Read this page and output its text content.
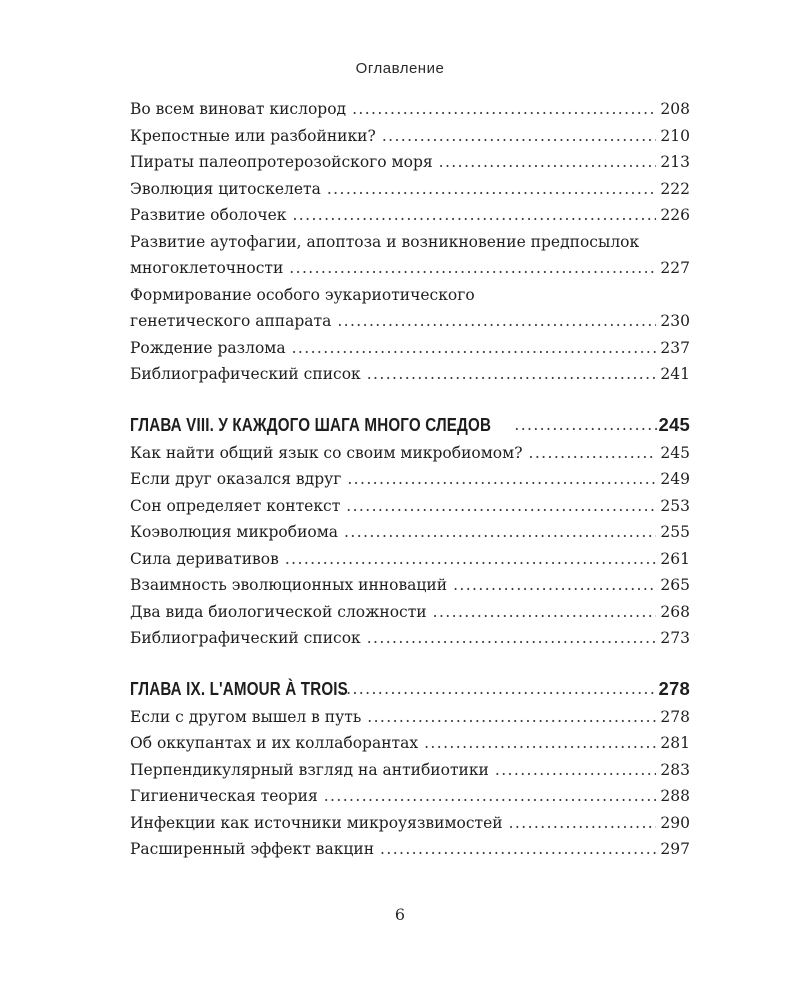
Оглавление
Во всем виноват кислород .....	208
Крепостные или разбойники? .....	210
Пираты палеопротерозойского моря .....	213
Эволюция цитоскелета .....	222
Развитие оболочек .....	226
Развитие аутофагии, апоптоза и возникновение предпосылок
многоклеточности .....	227
Формирование особого эукариотического
генетического аппарата .....	230
Рождение разлома .....	237
Библиографический список .....	241
ГЛАВА VIII. У КАЖДОГО ШАГА МНОГО СЛЕДОВ .....	245
Как найти общий язык со своим микробиомом? .....	245
Если друг оказался вдруг .....	249
Сон определяет контекст .....	253
Коэволюция микробиома .....	255
Сила дериватив​ов .....	261
Взаимность эволюционных инноваций .....	265
Два вида биологической сложности .....	268
Библиографический список .....	273
ГЛАВА IX. L'AMOUR À TROIS .....	278
Если с другом вышел в путь .....	278
Об оккупантах и их коллаборантах .....	281
Перпендикулярный взгляд на антибиотики .....	283
Гигиеническая теория .....	288
Инфекции как источники микроуязвимостей .....	290
Расширенный эффект вакцин .....	297
6
